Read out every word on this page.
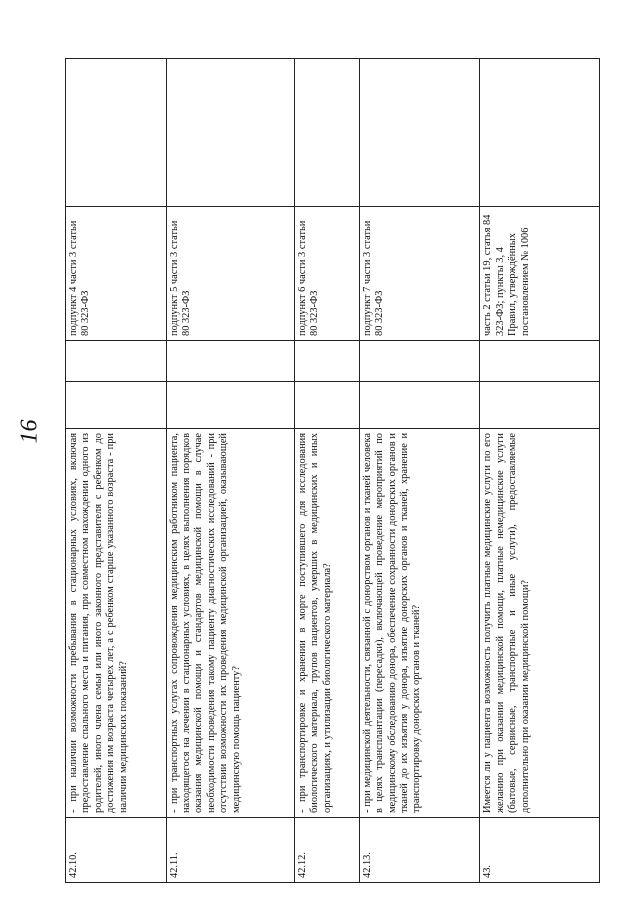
16
42.10.	- при наличии возможности пребывания в стационарных условиях, включая предоставление спального места и питания, при совместном нахождении одного из родителей, иного члена семьи или иного законного представителя с ребенком до достижения им возраста четырех лет, а с ребенком старше указанного возраста - при наличии медицинских показаний?			подпункт 4 части 3 статьи 80 323-ФЗ	
42.11.	- при транспортных услугах сопровождения медицинским работником пациента, находящегося на лечении в стационарных условиях, в целях выполнения порядков оказания медицинской помощи и стандартов медицинской помощи в случае необходимости проведения такому пациенту диагностических исследований - при отсутствии возможности их проведения медицинской организацией, оказывающей медицинскую помощь пациенту?			подпункт 5 части 3 статьи 80 323-ФЗ	
42.12.	- при транспортировке и хранении в морге поступившего для исследования биологического материала, трупов пациентов, умерших в медицинских и иных организациях, и утилизации биологического материала?			подпункт 6 части 3 статьи 80 323-ФЗ	
42.13.	- при медицинской деятельности, связанной с донорством органов и тканей человека в целях трансплантации (пересадки), включающей проведение мероприятий по медицинскому обследованию донора, обеспечение сохранности донорских органов и тканей до их изъятия у донора, изъятие донорских органов и тканей, хранение и транспортировку донорских органов и тканей?			подпункт 7 части 3 статьи 80 323-ФЗ	
43.	Имеется ли у пациента возможность получить платные медицинские услуги по его желанию при оказании медицинской помощи, платные немедицинские услуги (бытовые, сервисные, транспортные и иные услуги), предоставляемые дополнительно при оказании медицинской помощи?			часть 2 статьи 19, статья 84 323-ФЗ; пункты 3, 4 Правил, утверждённых постановлением № 1006	
